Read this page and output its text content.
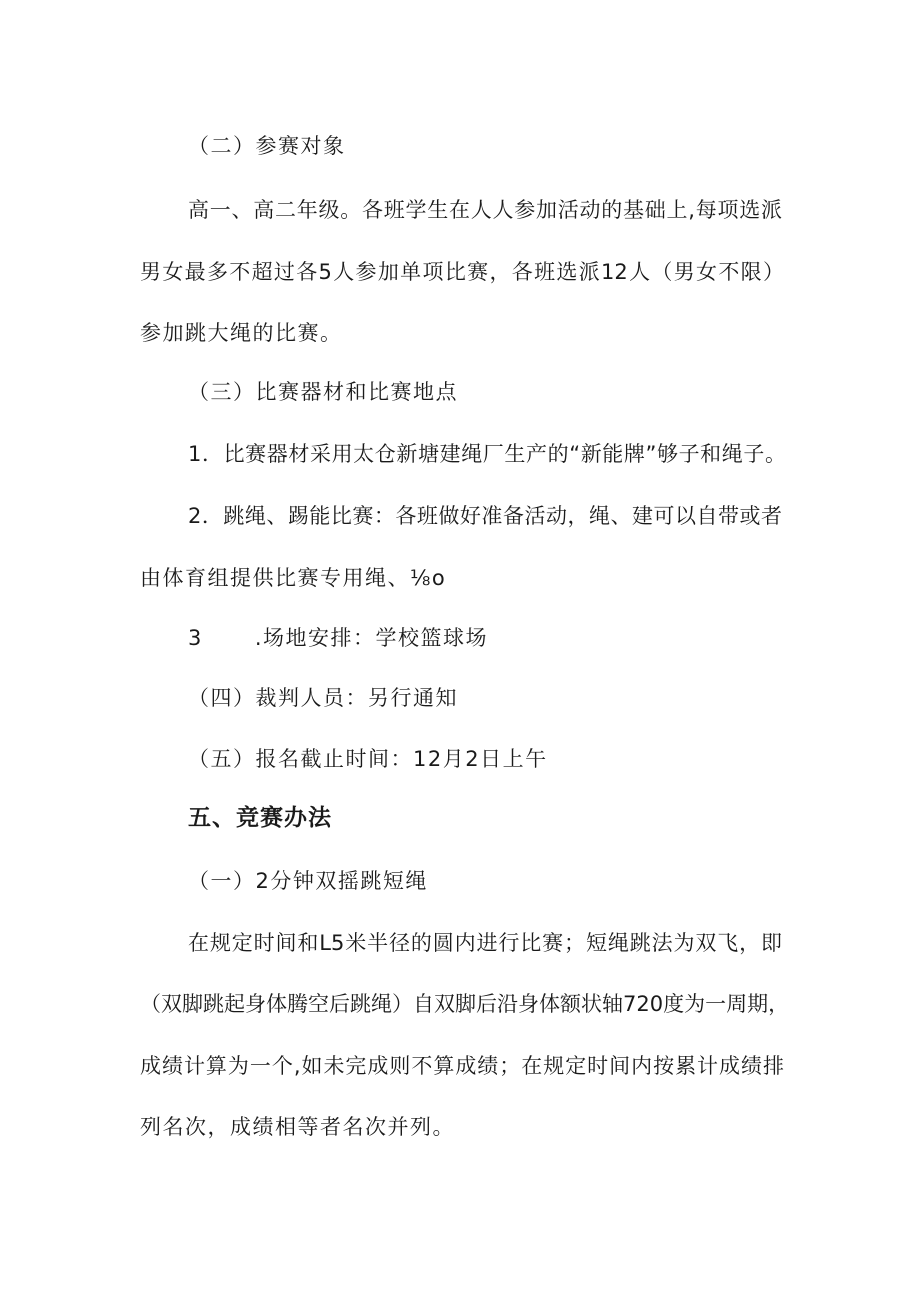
（二）参赛对象
高一、高二年级。各班学生在人人参加活动的基础上,每项选派
男女最多不超过各5人参加单项比赛，各班选派12人（男女不限）
参加跳大绳的比赛。
（三）比赛器材和比赛地点
1．比赛器材采用太仓新塘建绳厂生产的“新能牌”够子和绳子。
2．跳绳、踢能比赛：各班做好准备活动，绳、建可以自带或者
由体育组提供比赛专用绳、⅛o
3 .场地安排：学校篮球场
（四）裁判人员：另行通知
（五）报名截止时间：12月2日上午
五、竞赛办法
（一）2分钟双摇跳短绳
在规定时间和L5米半径的圆内进行比赛；短绳跳法为双飞，即
（双脚跳起身体腾空后跳绳）自双脚后沿身体额状轴720度为一周期，
成绩计算为一个,如未完成则不算成绩；在规定时间内按累计成绩排
列名次，成绩相等者名次并列。
